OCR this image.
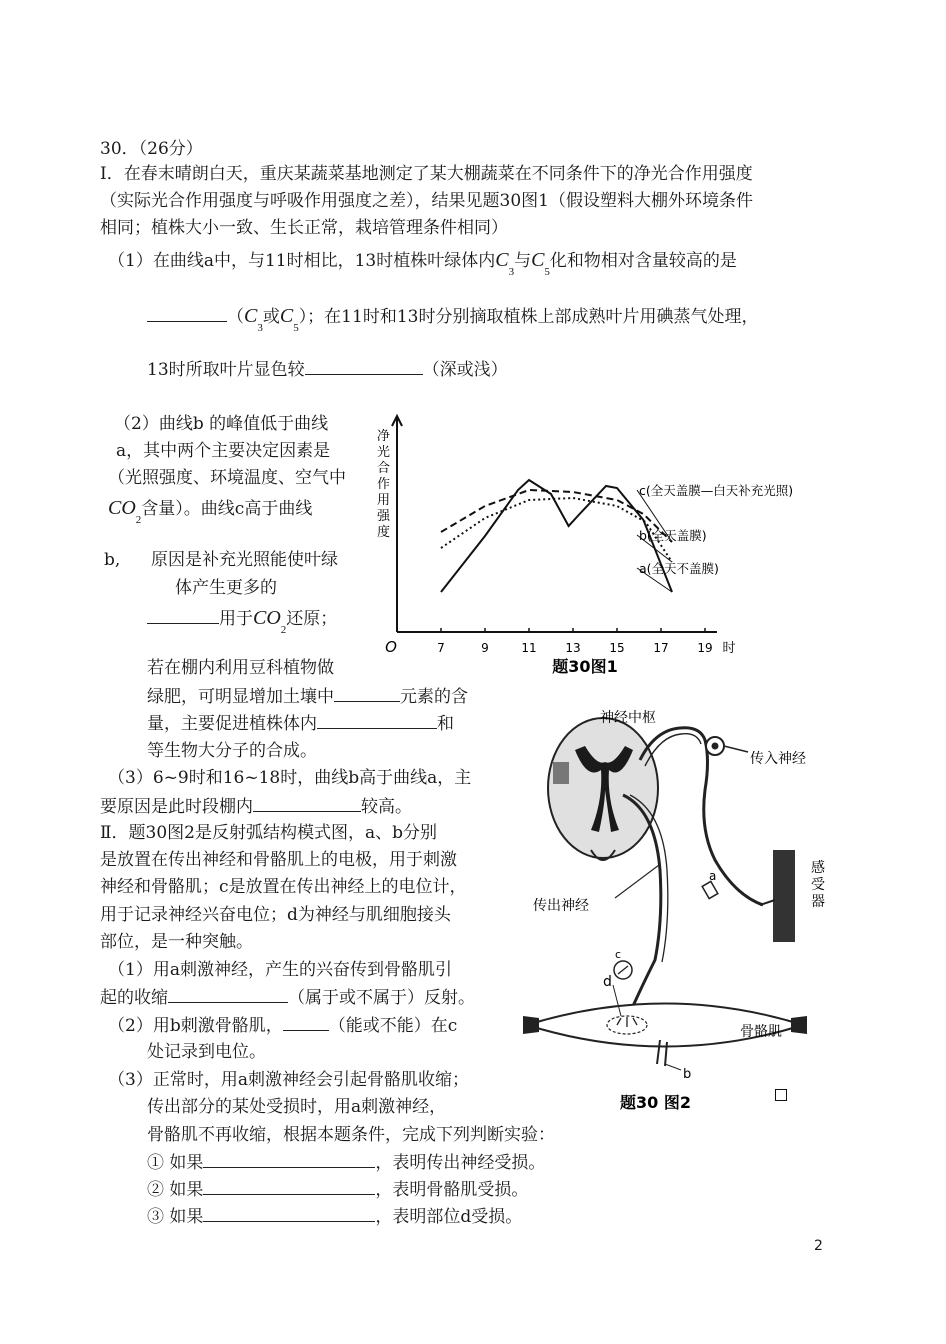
30．（26分）
Ⅰ．在春末晴朗白天，重庆某蔬菜基地测定了某大棚蔬菜在不同条件下的净光合作用强度
（实际光合作用强度与呼吸作用强度之差），结果见题30图1（假设塑料大棚外环境条件
相同；植株大小一致、生长正常，栽培管理条件相同）
（1）在曲线a中，与11时相比，13时植株叶绿体内$C_3$与$C_5$化和物相对含量较高的是
（$C_3$或$C_5$）；在11时和13时分别摘取植株上部成熟叶片用碘蒸气处理，
13时所取叶片显色较	（深或浅）
（2）曲线b 的峰值低于曲线
a，其中两个主要决定因素是
（光照强度、环境温度、空气中
$CO_2$含量）。曲线c高于曲线
b, 原因是补充光照能使叶绿
体产生更多的
用于$CO_2$还原；
若在棚内利用豆科植物做
绿肥，可明显增加土壤中	元素的含
量，主要促进植株体内	和
等生物大分子的合成。
（3）6~9时和16~18时，曲线b高于曲线a，主
要原因是此时段棚内	较高。
Ⅱ．题30图2是反射弧结构模式图，a、b分别
是放置在传出神经和骨骼肌上的电极，用于刺激
神经和骨骼肌；c是放置在传出神经上的电位计，
用于记录神经兴奋电位；d为神经与肌细胞接头
部位，是一种突触。
（1）用a刺激神经，产生的兴奋传到骨骼肌引
起的收缩	（属于或不属于）反射。
（2）用b刺激骨骼肌，	（能或不能）在c
处记录到电位。
（3）正常时，用a刺激神经会引起骨骼肌收缩；
传出部分的某处受损时，用a刺激神经，
骨骼肌不再收缩，根据本题条件，完成下列判断实验：
① 如果	，表明传出神经受损。
② 如果	，表明骨骼肌受损。
③ 如果	，表明部位d受损。
O	7	9	11 13 15 17 19 时
净光合作用强度
c(全天盖膜—白天补充光照)
b(全天盖膜)
a(全天不盖膜)
题30图1
神经中枢
传入神经
传出神经
a
c
d
骨骼肌
b
感受器
题30 图2
2
